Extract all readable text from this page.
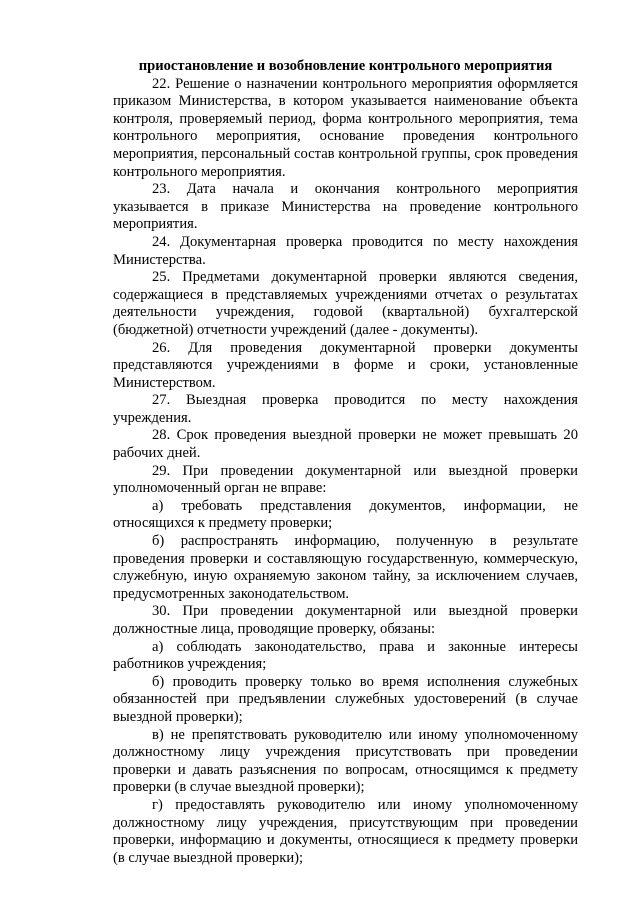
приостановление и возобновление контрольного мероприятия

22. Решение о назначении контрольного мероприятия оформляется приказом Министерства, в котором указывается наименование объекта контроля, проверяемый период, форма контрольного мероприятия, тема контрольного мероприятия, основание проведения контрольного мероприятия, персональный состав контрольной группы, срок проведения контрольного мероприятия.

23. Дата начала и окончания контрольного мероприятия указывается в приказе Министерства на проведение контрольного мероприятия.

24. Документарная проверка проводится по месту нахождения Министерства.

25. Предметами документарной проверки являются сведения, содержащиеся в представляемых учреждениями отчетах о результатах деятельности учреждения, годовой (квартальной) бухгалтерской (бюджетной) отчетности учреждений (далее - документы).

26. Для проведения документарной проверки документы представляются учреждениями в форме и сроки, установленные Министерством.

27. Выездная проверка проводится по месту нахождения учреждения.

28. Срок проведения выездной проверки не может превышать 20 рабочих дней.

29. При проведении документарной или выездной проверки уполномоченный орган не вправе:

а) требовать представления документов, информации, не относящихся к предмету проверки;

б) распространять информацию, полученную в результате проведения проверки и составляющую государственную, коммерческую, служебную, иную охраняемую законом тайну, за исключением случаев, предусмотренных законодательством.

30. При проведении документарной или выездной проверки должностные лица, проводящие проверку, обязаны:

а) соблюдать законодательство, права и законные интересы работников учреждения;

б) проводить проверку только во время исполнения служебных обязанностей при предъявлении служебных удостоверений (в случае выездной проверки);

в) не препятствовать руководителю или иному уполномоченному должностному лицу учреждения присутствовать при проведении проверки и давать разъяснения по вопросам, относящимся к предмету проверки (в случае выездной проверки);

г) предоставлять руководителю или иному уполномоченному должностному лицу учреждения, присутствующим при проведении проверки, информацию и документы, относящиеся к предмету проверки (в случае выездной проверки);
